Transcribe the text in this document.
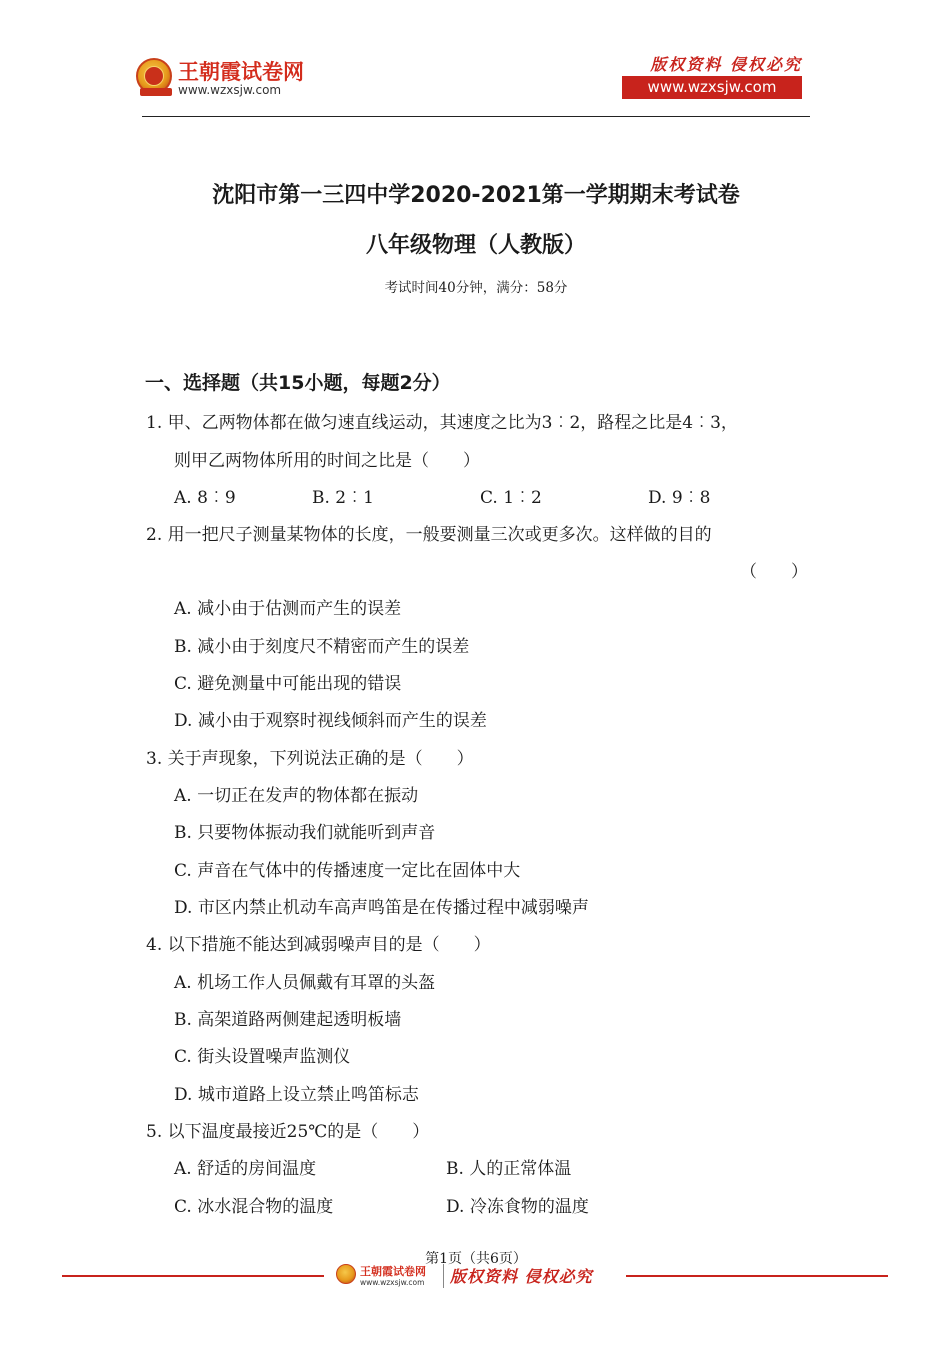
王朝霞试卷网
www.wzxsjw.com
版权资料 侵权必究
www.wzxsjw.com
沈阳市第一三四中学2020-2021第一学期期末考试卷
八年级物理（人教版）
考试时间40分钟，满分：58分
一、选择题（共15小题，每题2分）
1. 甲、乙两物体都在做匀速直线运动，其速度之比为3︰2，路程之比是4︰3，
则甲乙两物体所用的时间之比是（　　）
A. 8︰9	B. 2︰1	C. 1︰2	D. 9︰8
2. 用一把尺子测量某物体的长度，一般要测量三次或更多次。这样做的目的
（　　）
A. 减小由于估测而产生的误差
B. 减小由于刻度尺不精密而产生的误差
C. 避免测量中可能出现的错误
D. 减小由于观察时视线倾斜而产生的误差
3. 关于声现象，下列说法正确的是（　　）
A. 一切正在发声的物体都在振动
B. 只要物体振动我们就能听到声音
C. 声音在气体中的传播速度一定比在固体中大
D. 市区内禁止机动车高声鸣笛是在传播过程中减弱噪声
4. 以下措施不能达到减弱噪声目的是（　　）
A. 机场工作人员佩戴有耳罩的头盔
B. 高架道路两侧建起透明板墙
C. 街头设置噪声监测仪
D. 城市道路上设立禁止鸣笛标志
5. 以下温度最接近25℃的是（　　）
A. 舒适的房间温度	B. 人的正常体温
C. 冰水混合物的温度	D. 冷冻食物的温度
第1页（共6页）
王朝霞试卷网
www.wzxsjw.com 版权资料 侵权必究
